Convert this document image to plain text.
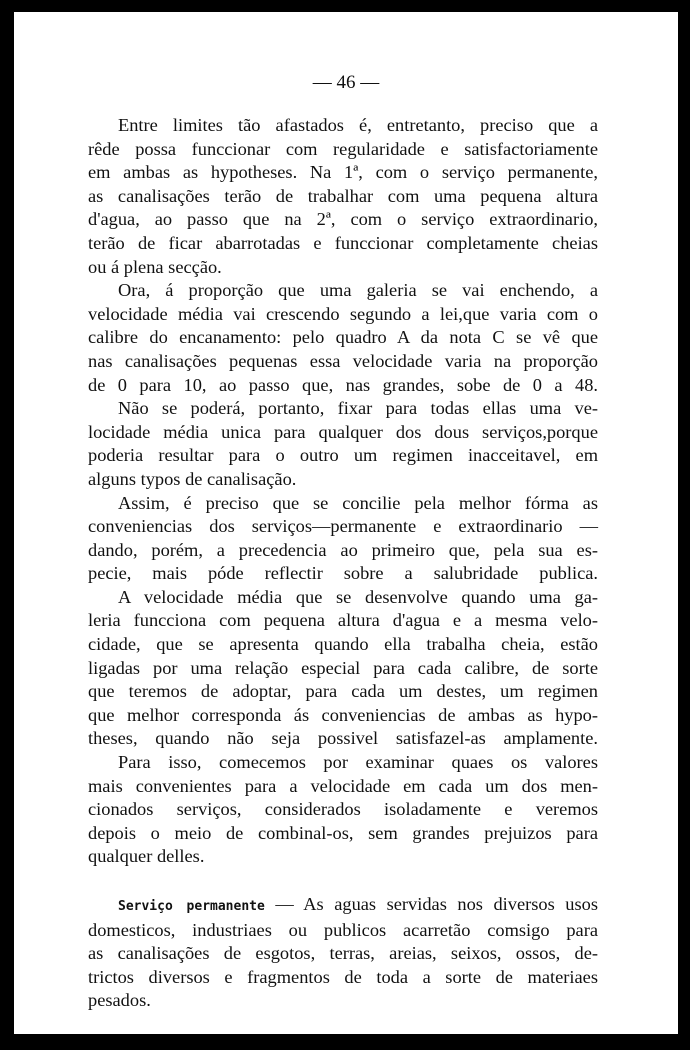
— 46 —
Entre limites tão afastados é, entretanto, preciso que a
rêde possa funccionar com regularidade e satisfactoriamente
em ambas as hypotheses. Na 1ª, com o serviço permanente,
as canalisações terão de trabalhar com uma pequena altura
d'agua, ao passo que na 2ª, com o serviço extraordinario,
terão de ficar abarrotadas e funccionar completamente cheias
ou á plena secção.
Ora, á proporção que uma galeria se vai enchendo, a
velocidade média vai crescendo segundo a lei,que varia com o
calibre do encanamento: pelo quadro A da nota C se vê que
nas canalisações pequenas essa velocidade varia na proporção
de 0 para 10, ao passo que, nas grandes, sobe de 0 a 48.
Não se poderá, portanto, fixar para todas ellas uma ve-
locidade média unica para qualquer dos dous serviços,porque
poderia resultar para o outro um regimen inacceitavel, em
alguns typos de canalisação.
Assim, é preciso que se concilie pela melhor fórma as
conveniencias dos serviços—permanente e extraordinario —
dando, porém, a precedencia ao primeiro que, pela sua es-
pecie, mais póde reflectir sobre a salubridade publica.
A velocidade média que se desenvolve quando uma ga-
leria funcciona com pequena altura d'agua e a mesma velo-
cidade, que se apresenta quando ella trabalha cheia, estão
ligadas por uma relação especial para cada calibre, de sorte
que teremos de adoptar, para cada um destes, um regimen
que melhor corresponda ás conveniencias de ambas as hypo-
theses, quando não seja possivel satisfazel-as amplamente.
Para isso, comecemos por examinar quaes os valores
mais convenientes para a velocidade em cada um dos men-
cionados serviços, considerados isoladamente e veremos
depois o meio de combinal-os, sem grandes prejuizos para
qualquer delles.
Serviço permanente — As aguas servidas nos diversos usos
domesticos, industriaes ou publicos acarretão comsigo para
as canalisações de esgotos, terras, areias, seixos, ossos, de-
trictos diversos e fragmentos de toda a sorte de materiaes
pesados.
